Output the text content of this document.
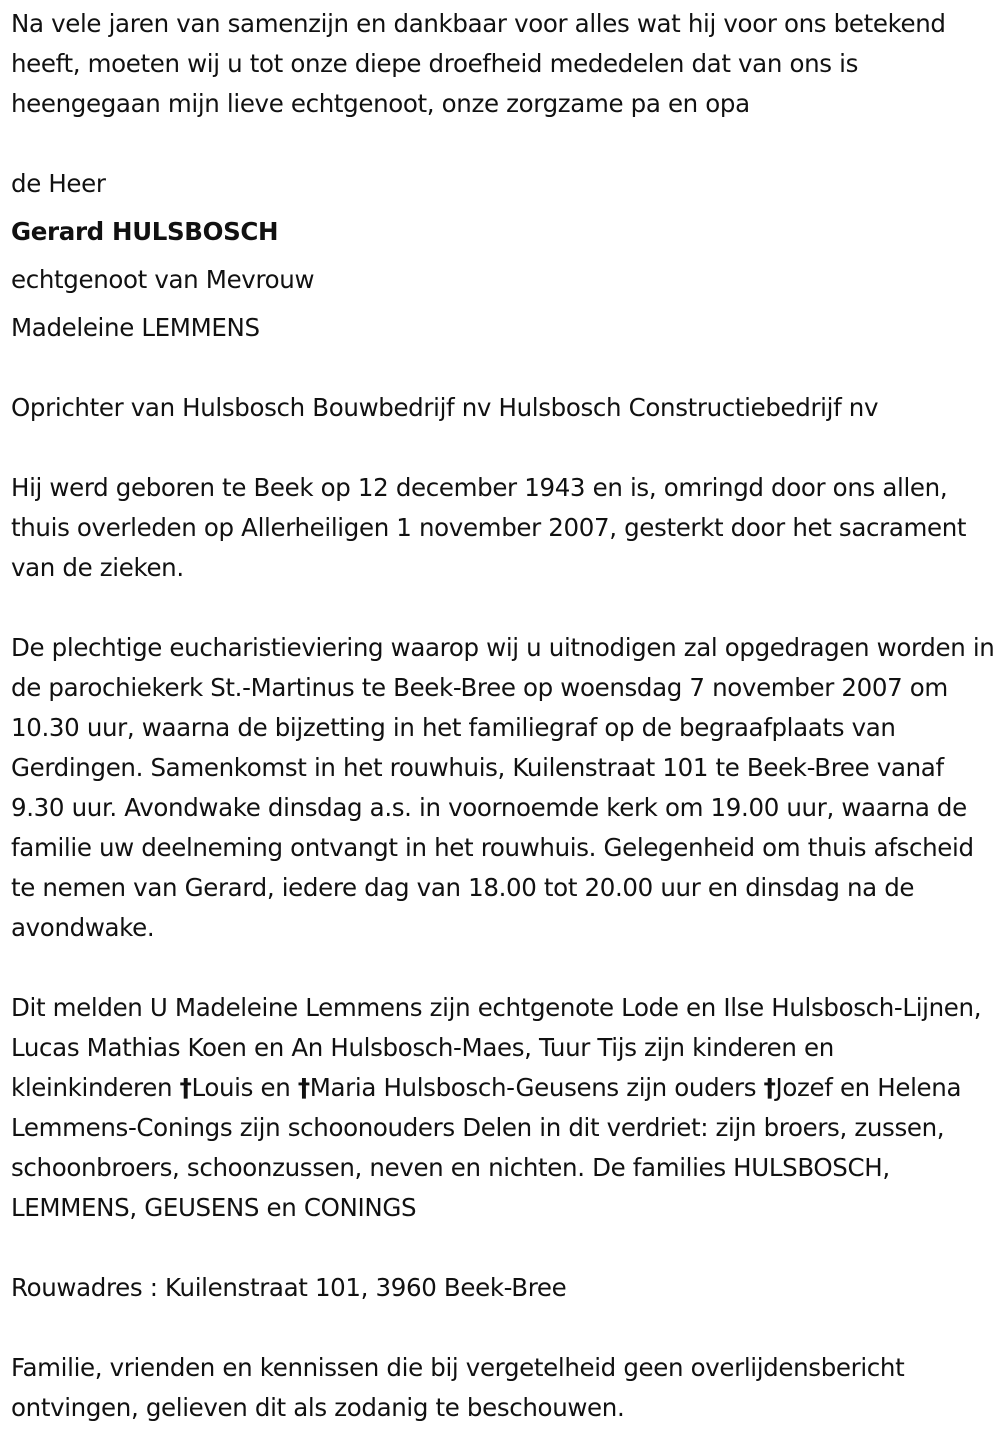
Na vele jaren van samenzijn en dankbaar voor alles wat hij voor ons betekend heeft, moeten wij u tot onze diepe droefheid mededelen dat van ons is heengegaan mijn lieve echtgenoot, onze zorgzame pa en opa

de Heer

Gerard HULSBOSCH

echtgenoot van Mevrouw

Madeleine LEMMENS

Oprichter van Hulsbosch Bouwbedrijf nv Hulsbosch Constructiebedrijf nv

Hij werd geboren te Beek op 12 december 1943 en is, omringd door ons allen, thuis overleden op Allerheiligen 1 november 2007, gesterkt door het sacrament van de zieken.

De plechtige eucharistieviering waarop wij u uitnodigen zal opgedragen worden in de parochiekerk St.-Martinus te Beek-Bree op woensdag 7 november 2007 om 10.30 uur, waarna de bijzetting in het familiegraf op de begraafplaats van Gerdingen. Samenkomst in het rouwhuis, Kuilenstraat 101 te Beek-Bree vanaf 9.30 uur. Avondwake dinsdag a.s. in voornoemde kerk om 19.00 uur, waarna de familie uw deelneming ontvangt in het rouwhuis. Gelegenheid om thuis afscheid te nemen van Gerard, iedere dag van 18.00 tot 20.00 uur en dinsdag na de avondwake.

Dit melden U Madeleine Lemmens zijn echtgenote Lode en Ilse Hulsbosch-Lijnen, Lucas Mathias Koen en An Hulsbosch-Maes, Tuur Tijs zijn kinderen en kleinkinderen †Louis en †Maria Hulsbosch-Geusens zijn ouders †Jozef en Helena Lemmens-Conings zijn schoonouders Delen in dit verdriet: zijn broers, zussen, schoonbroers, schoonzussen, neven en nichten. De families HULSBOSCH, LEMMENS, GEUSENS en CONINGS

Rouwadres : Kuilenstraat 101, 3960 Beek-Bree

Familie, vrienden en kennissen die bij vergetelheid geen overlijdensbericht ontvingen, gelieven dit als zodanig te beschouwen.
